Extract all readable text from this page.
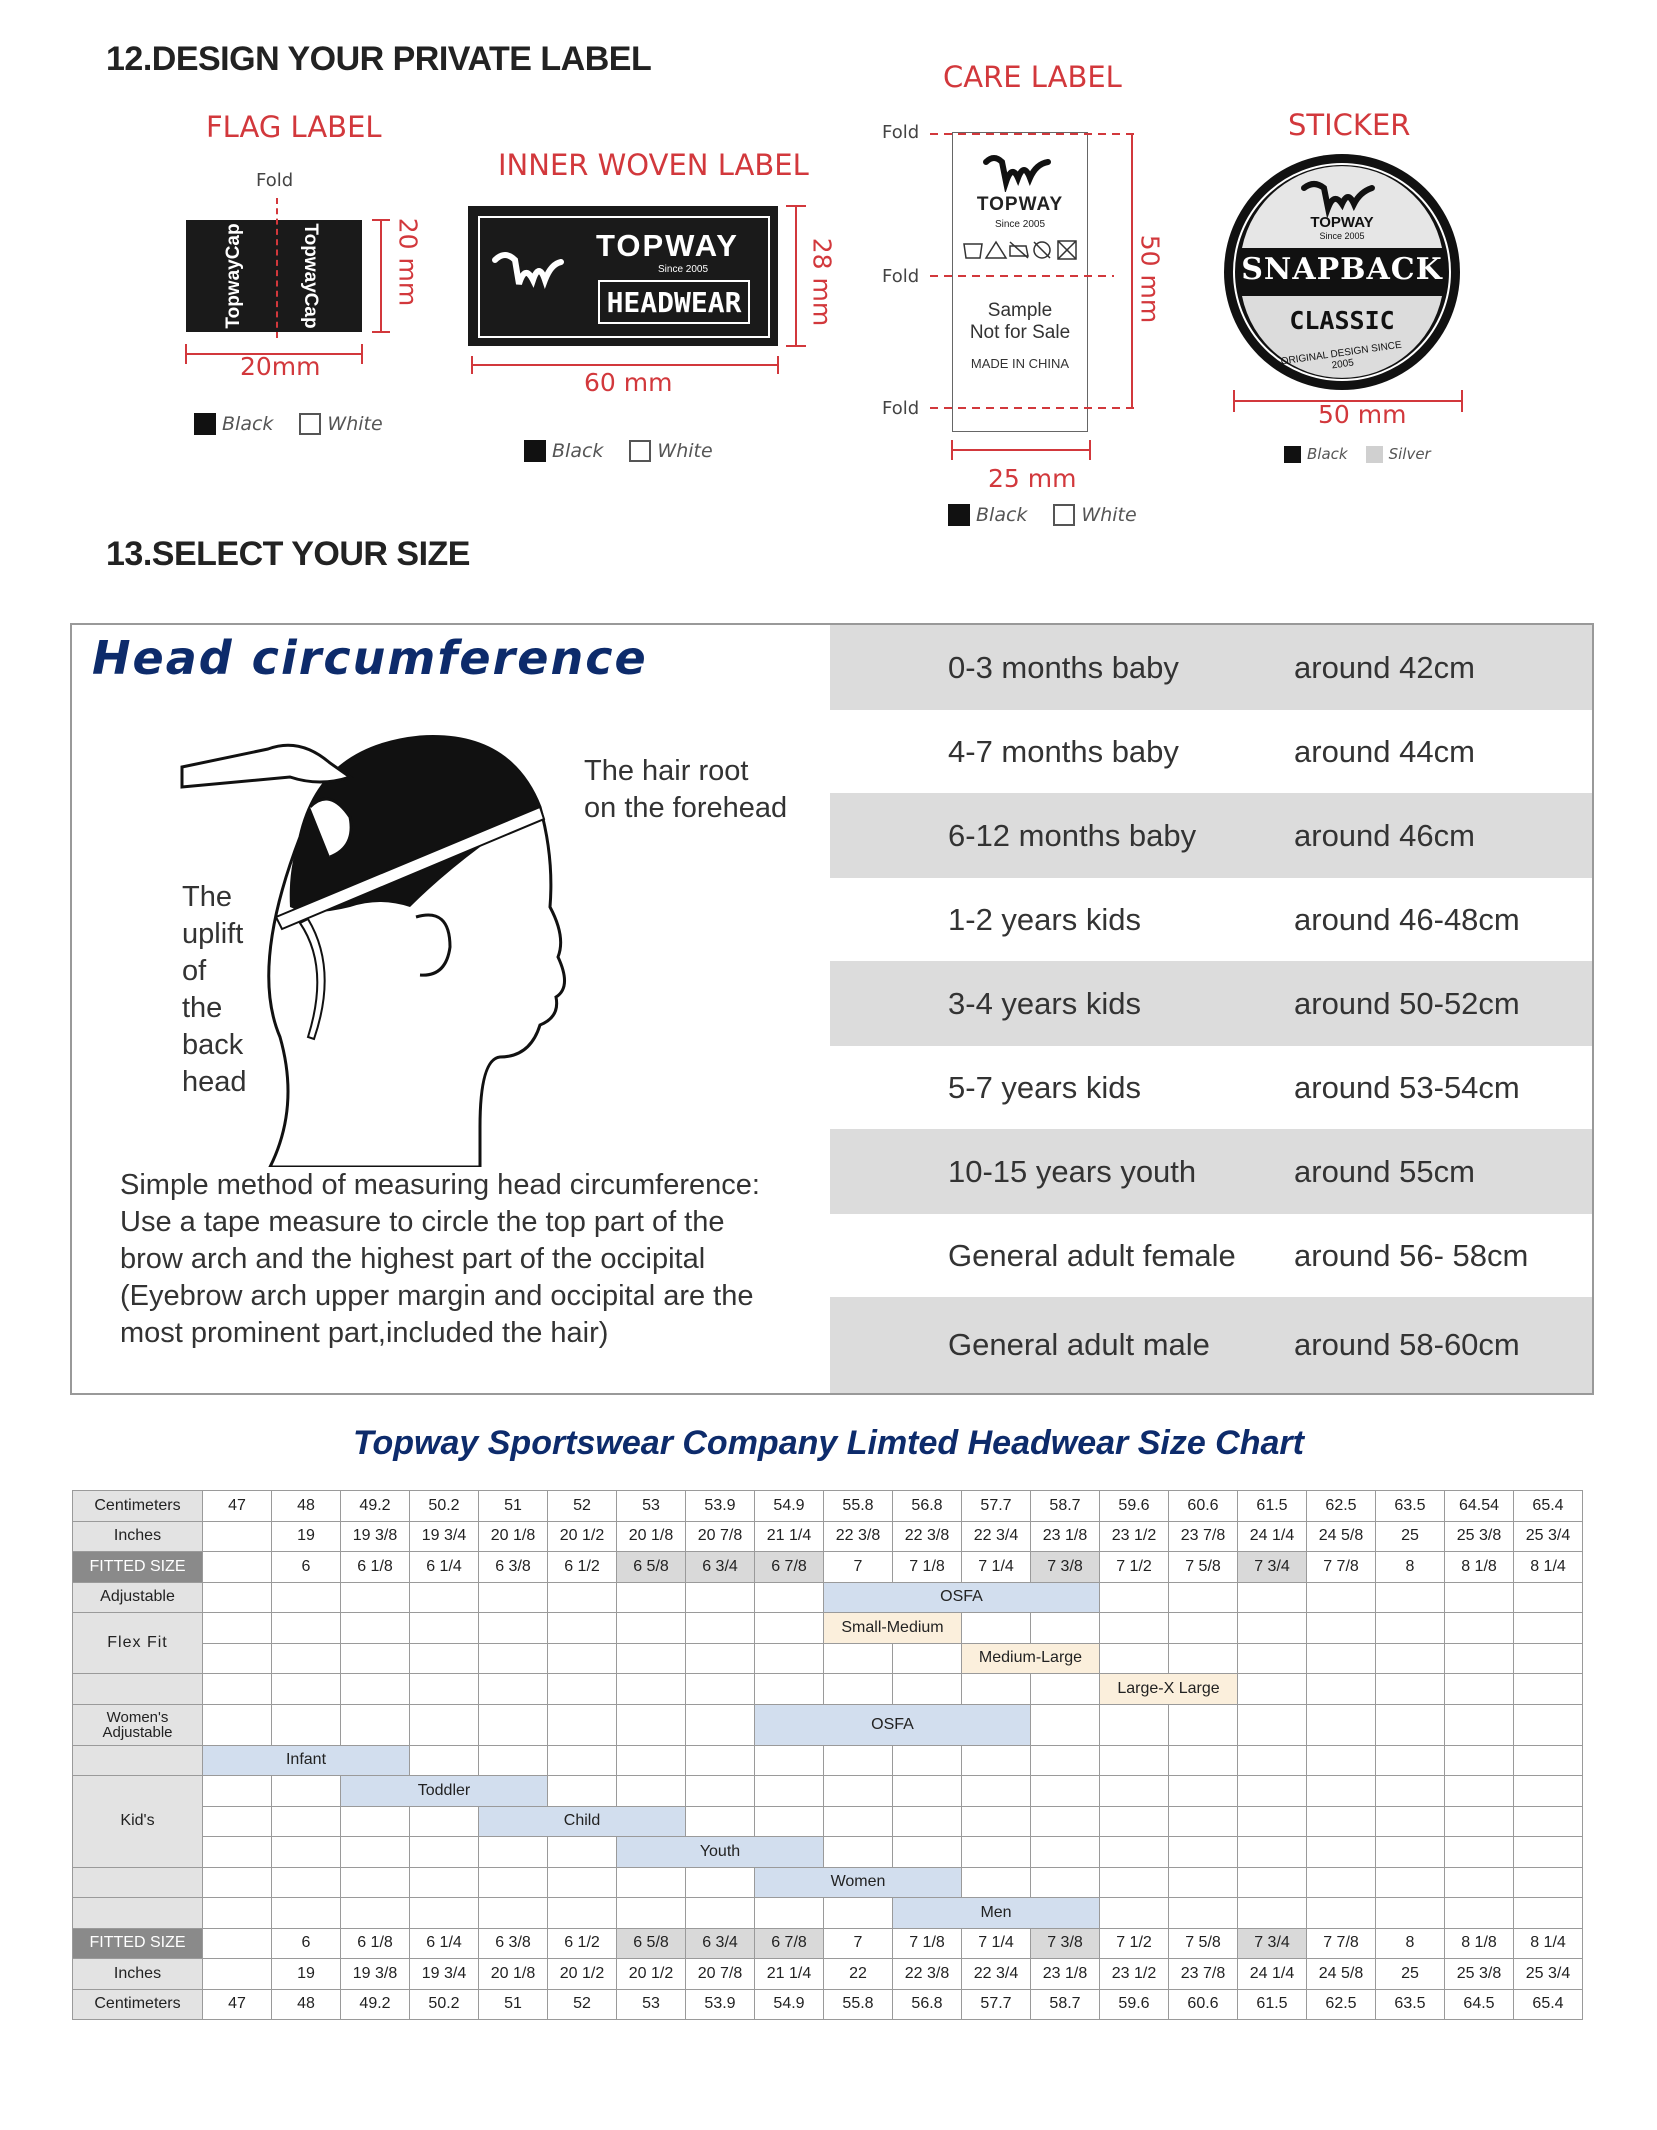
12.DESIGN YOUR PRIVATE LABEL
FLAG LABEL
Fold
TopwayCap	TopwayCap	20 mm
20mm
Black	White
INNER WOVEN LABEL
TOPWAY
Since 2005
HEADWEAR	28 mm
60 mm
Black	White
CARE LABEL
Fold
Fold
Fold
TOPWAY
Since 2005
Sample
Not for Sale
MADE IN CHINA
50 mm
25 mm
Black	White
STICKER
TOPWAY
Since 2005
SNAPBACK
CLASSIC
ORIGINAL DESIGN SINCE 2005
50 mm
Black	Silver
13.SELECT YOUR SIZE
Head circumference
The hair root
on the forehead
The
uplift
of
the
back
head
Simple method of measuring head circumference:
Use a tape measure to circle the top part of the
brow arch and the highest part of the occipital
(Eyebrow arch upper margin and occipital are the
most prominent part,included the hair)
0-3 months baby	around 42cm
4-7 months baby	around 44cm
6-12 months baby	around 46cm
1-2 years kids	around 46-48cm
3-4 years kids	around 50-52cm
5-7 years kids	around 53-54cm
10-15 years youth	around 55cm
General adult female around 56- 58cm
General adult male	around 58-60cm
Topway Sportswear Company Limted Headwear Size Chart
Centimeters	47	48	49.2	50.2	51	52	53	53.9	54.9	55.8	56.8	57.7	58.7	59.6	60.6	61.5	62.5	63.5	64.54	65.4
Inches		19	19 3/8	19 3/4	20 1/8	20 1/2	20 1/8	20 7/8	21 1/4	22 3/8	22 3/8	22 3/4	23 1/8	23 1/2	23 7/8	24 1/4	24 5/8	25	25 3/8	25 3/4
FITTED SIZE		6	6 1/8	6 1/4	6 3/8	6 1/2	6 5/8	6 3/4	6 7/8	7	7 1/8	7 1/4	7 3/8	7 1/2	7 5/8	7 3/4	7 7/8	8	8 1/8	8 1/4
Adjustable										OSFA										
Flex Fit										Small-Medium										
												Medium-Large								
														Large-X Large						
Women's Adjustable									OSFA											
	Infant																			
Kid's			Toddler																	
					Child															
							Youth													
									Women											
											Men									
FITTED SIZE		6	6 1/8	6 1/4	6 3/8	6 1/2	6 5/8	6 3/4	6 7/8	7	7 1/8	7 1/4	7 3/8	7 1/2	7 5/8	7 3/4	7 7/8	8	8 1/8	8 1/4
Inches		19	19 3/8	19 3/4	20 1/8	20 1/2	20 1/2	20 7/8	21 1/4	22	22 3/8	22 3/4	23 1/8	23 1/2	23 7/8	24 1/4	24 5/8	25	25 3/8	25 3/4
Centimeters	47	48	49.2	50.2	51	52	53	53.9	54.9	55.8	56.8	57.7	58.7	59.6	60.6	61.5	62.5	63.5	64.5	65.4
